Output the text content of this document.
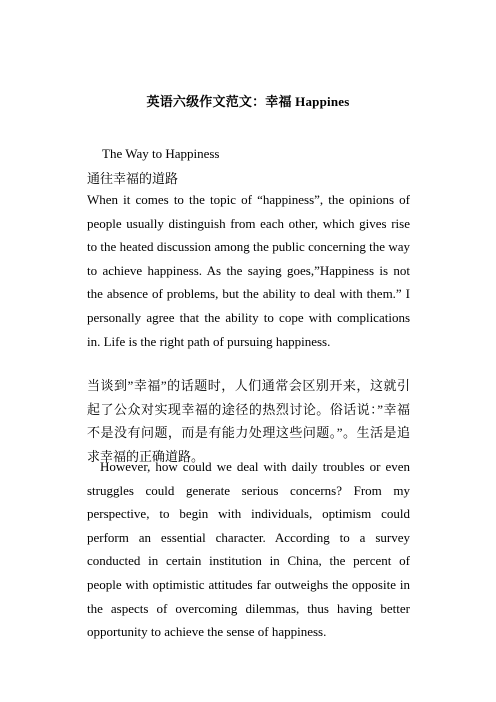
英语六级作文范文：幸福 Happines
The Way to Happiness
通往幸福的道路

When it comes to the topic of “happiness”, the opinions of people usually distinguish from each other, which gives rise to the heated discussion among the public concerning the way to achieve happiness. As the saying goes,”Happiness is not the absence of problems, but the ability to deal with them.” I personally agree that the ability to cope with complications in. Life is the right path of pursuing happiness.

当谈到”幸福”的话题时，人们通常会区别开来，这就引起了公众对实现幸福的途径的热烈讨论。俗话说：”幸福不是没有问题，而是有能力处理这些问题。”。生活是追求幸福的正确道路。

However, how could we deal with daily troubles or even struggles could generate serious concerns? From my perspective, to begin with individuals, optimism could perform an essential character. According to a survey conducted in certain institution in China, the percent of people with optimistic attitudes far outweighs the opposite in the aspects of overcoming dilemmas, thus having better opportunity to achieve the sense of happiness.
